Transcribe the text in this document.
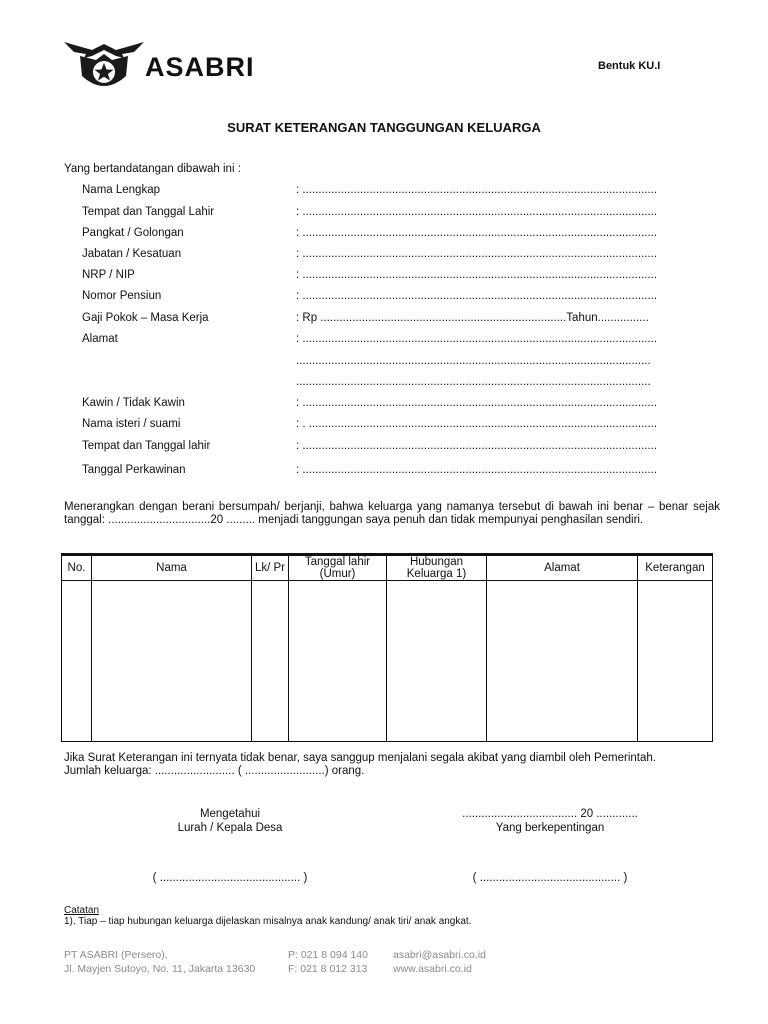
ASABRI	Bentuk KU.I
SURAT KETERANGAN TANGGUNGAN KELUARGA
Yang bertandatangan dibawah ini :
Nama Lengkap	: ...............................................................................................................
Tempat dan Tanggal Lahir	: ...............................................................................................................
Pangkat / Golongan	: ...............................................................................................................
Jabatan / Kesatuan	: ...............................................................................................................
NRP / NIP	: ...............................................................................................................
Nomor Pensiun	: ...............................................................................................................
Gaji Pokok – Masa Kerja	: Rp .............................................................................Tahun................
Alamat	: ...............................................................................................................
...............................................................................................................
...............................................................................................................
Kawin / Tidak Kawin	: ...............................................................................................................
Nama isteri / suami	: . .............................................................................................................
Tempat dan Tanggal lahir	: ...............................................................................................................
Tanggal Perkawinan	: ...............................................................................................................
Menerangkan dengan berani bersumpah/ berjanji, bahwa keluarga yang namanya tersebut di bawah ini benar – benar sejak tanggal: ................................20 ......... menjadi tanggungan saya penuh dan tidak mempunyai penghasilan sendiri.
No.	Nama	Lk/ Pr	Tanggal lahir (Umur)	Hubungan Keluarga 1)	Alamat	Keterangan

Jika Surat Keterangan ini ternyata tidak benar, saya sanggup menjalani segala akibat yang diambil oleh Pemerintah.
Jumlah keluarga: ......................... ( .........................) orang.
Mengetahui
Lurah / Kepala Desa
.................................... 20 .............
Yang berkepentingan
( ............................................ )	( ............................................ )
Catatan
1). Tiap – tiap hubungan keluarga dijelaskan misalnya anak kandung/ anak tiri/ anak angkat.
PT ASABRI (Persero),
Jl. Mayjen Sutoyo, No. 11, Jakarta 13630
P: 021 8 094 140
F: 021 8 012 313
asabri@asabri.co.id
www.asabri.co.id
